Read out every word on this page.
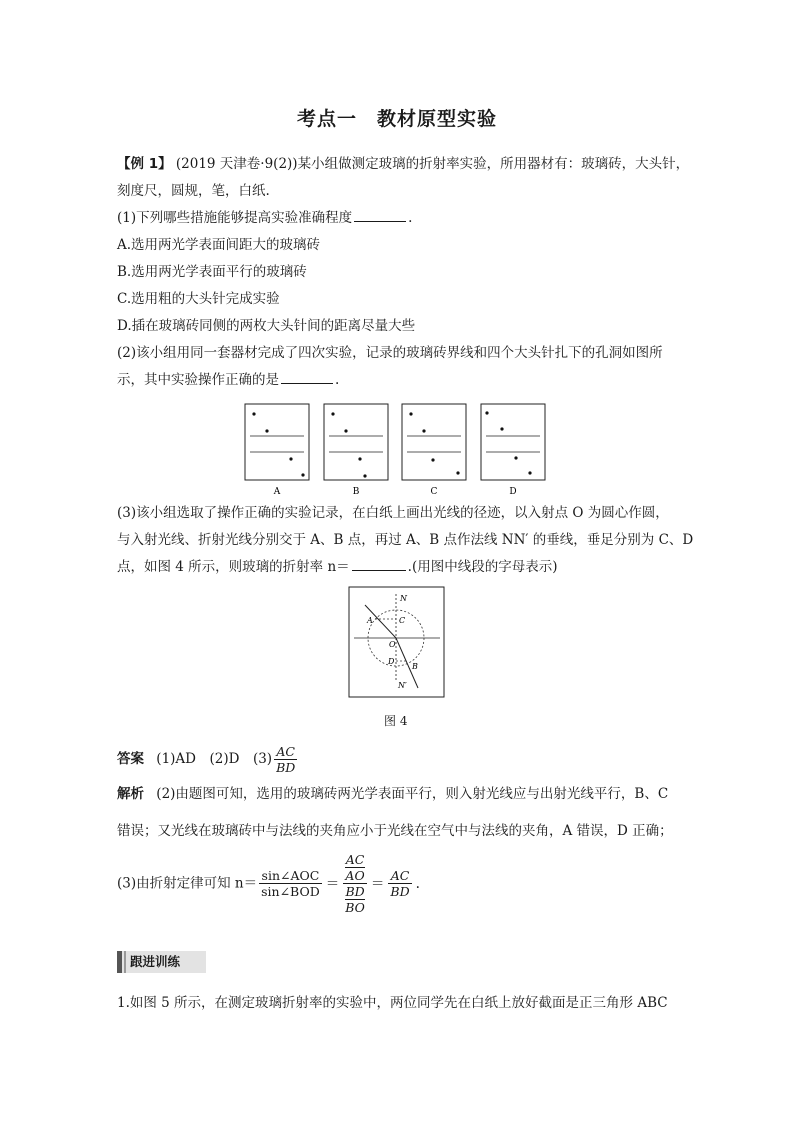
考点一　教材原型实验
【例 1】 (2019 天津卷·9(2))某小组做测定玻璃的折射率实验，所用器材有：玻璃砖，大头针，
刻度尺，圆规，笔，白纸.
(1)下列哪些措施能够提高实验准确程度	.
A.选用两光学表面间距大的玻璃砖
B.选用两光学表面平行的玻璃砖
C.选用粗的大头针完成实验
D.插在玻璃砖同侧的两枚大头针间的距离尽量大些
(2)该小组用同一套器材完成了四次实验，记录的玻璃砖界线和四个大头针扎下的孔洞如图所
示，其中实验操作正确的是	.
A	B	C	D
(3)该小组选取了操作正确的实验记录，在白纸上画出光线的径迹，以入射点 O 为圆心作圆，
与入射光线、折射光线分别交于 A、B 点，再过 A、B 点作法线 NN′ 的垂线，垂足分别为 C、D
点，如图 4 所示，则玻璃的折射率 n＝	.(用图中线段的字母表示)
N
N′
A	C
O
D
B
图 4
答案 (1)AD　(2)D　$(3) \frac{AC}{BD}$
解析 (2)由题图可知，选用的玻璃砖两光学表面平行，则入射光线应与出射光线平行，B、C
错误；又光线在玻璃砖中与法线的夹角应小于光线在空气中与法线的夹角，A 错误，D 正确；
(3)由折射定律可知 $n= \frac{\text{sin∠AOC}}{\text{sin∠BOD}}$ ＝ AC
AO
BD
BO ＝ $\frac{AC}{BD}$ .
跟进训练
1.如图 5 所示，在测定玻璃折射率的实验中，两位同学先在白纸上放好截面是正三角形 ABC
